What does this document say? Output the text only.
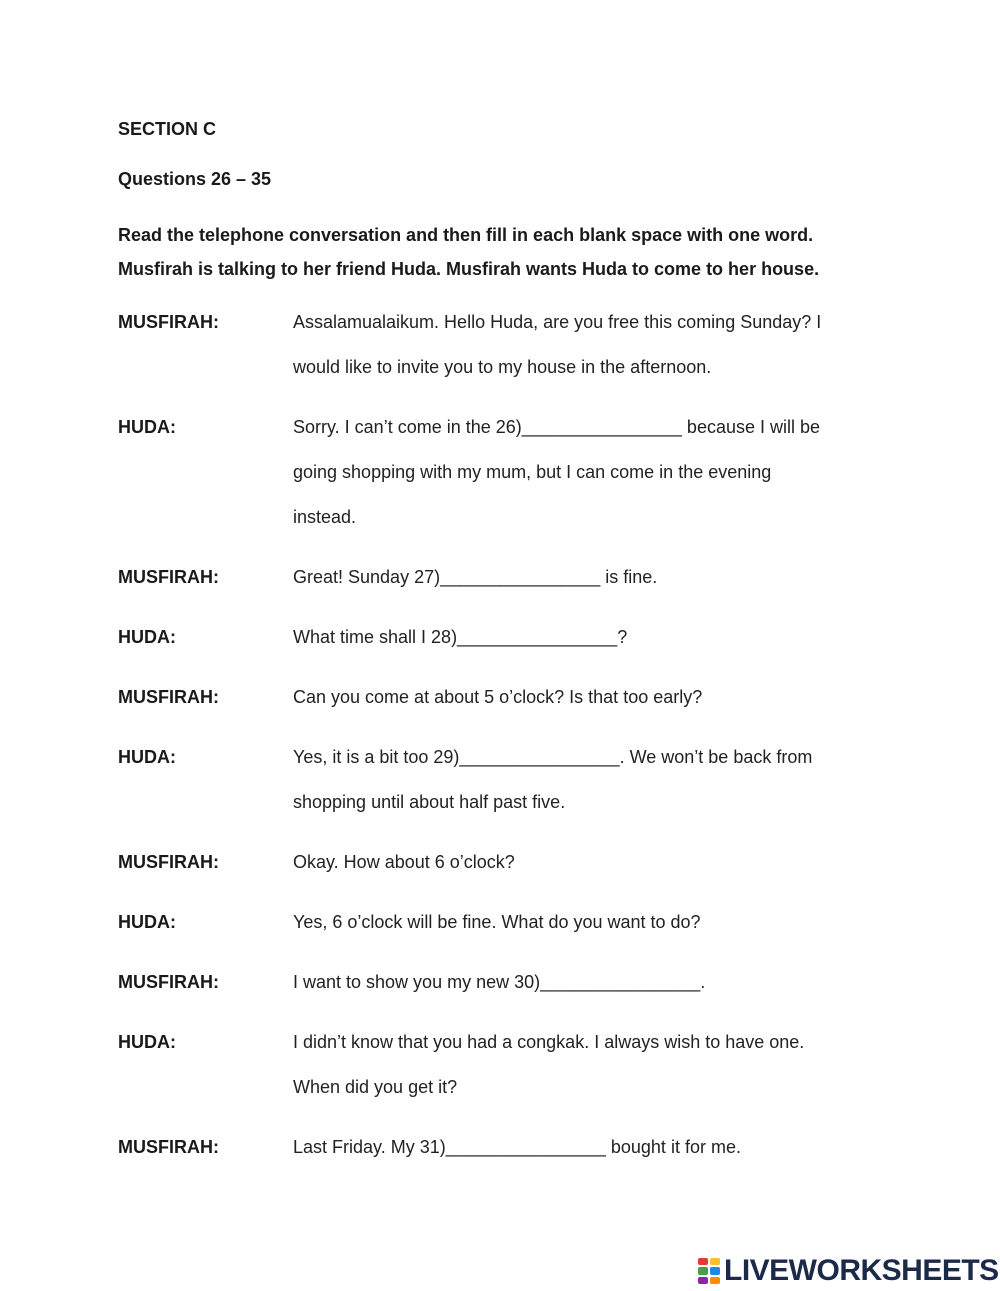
SECTION C
Questions 26 – 35

Read the telephone conversation and then fill in each blank space with one word.

Musfirah is talking to her friend Huda. Musfirah wants Huda to come to her house.

MUSFIRAH:	Assalamualaikum. Hello Huda, are you free this coming Sunday? I

would like to invite you to my house in the afternoon.

HUDA:	Sorry. I can’t come in the 26)________________ because I will be

going shopping with my mum, but I can come in the evening

instead.

MUSFIRAH:	Great! Sunday 27)________________ is fine.

HUDA:	What time shall I 28)________________?

MUSFIRAH:	Can you come at about 5 o’clock? Is that too early?

HUDA:	Yes, it is a bit too 29)________________. We won’t be back from

shopping until about half past five.

MUSFIRAH:	Okay. How about 6 o’clock?

HUDA:	Yes, 6 o’clock will be fine. What do you want to do?

MUSFIRAH:	I want to show you my new 30)________________.

HUDA:	I didn’t know that you had a congkak. I always wish to have one.

When did you get it?

MUSFIRAH:	Last Friday. My 31)________________ bought it for me.

LIVEWORKSHEETS
